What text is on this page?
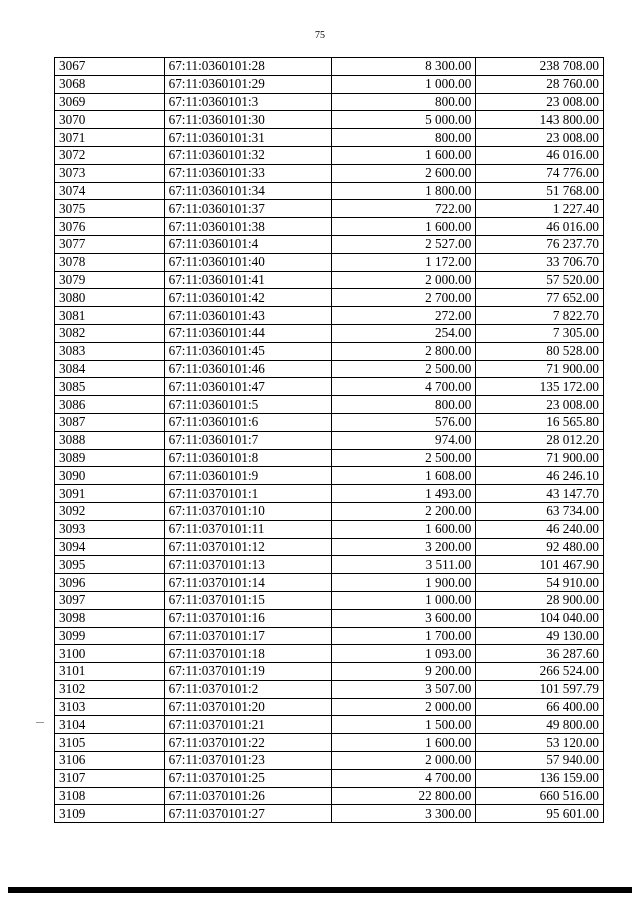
75
3067	67:11:0360101:28	8 300.00	238 708.00
3068	67:11:0360101:29	1 000.00	28 760.00
3069	67:11:0360101:3	800.00	23 008.00
3070	67:11:0360101:30	5 000.00	143 800.00
3071	67:11:0360101:31	800.00	23 008.00
3072	67:11:0360101:32	1 600.00	46 016.00
3073	67:11:0360101:33	2 600.00	74 776.00
3074	67:11:0360101:34	1 800.00	51 768.00
3075	67:11:0360101:37	722.00	1 227.40
3076	67:11:0360101:38	1 600.00	46 016.00
3077	67:11:0360101:4	2 527.00	76 237.70
3078	67:11:0360101:40	1 172.00	33 706.70
3079	67:11:0360101:41	2 000.00	57 520.00
3080	67:11:0360101:42	2 700.00	77 652.00
3081	67:11:0360101:43	272.00	7 822.70
3082	67:11:0360101:44	254.00	7 305.00
3083	67:11:0360101:45	2 800.00	80 528.00
3084	67:11:0360101:46	2 500.00	71 900.00
3085	67:11:0360101:47	4 700.00	135 172.00
3086	67:11:0360101:5	800.00	23 008.00
3087	67:11:0360101:6	576.00	16 565.80
3088	67:11:0360101:7	974.00	28 012.20
3089	67:11:0360101:8	2 500.00	71 900.00
3090	67:11:0360101:9	1 608.00	46 246.10
3091	67:11:0370101:1	1 493.00	43 147.70
3092	67:11:0370101:10	2 200.00	63 734.00
3093	67:11:0370101:11	1 600.00	46 240.00
3094	67:11:0370101:12	3 200.00	92 480.00
3095	67:11:0370101:13	3 511.00	101 467.90
3096	67:11:0370101:14	1 900.00	54 910.00
3097	67:11:0370101:15	1 000.00	28 900.00
3098	67:11:0370101:16	3 600.00	104 040.00
3099	67:11:0370101:17	1 700.00	49 130.00
3100	67:11:0370101:18	1 093.00	36 287.60
3101	67:11:0370101:19	9 200.00	266 524.00
3102	67:11:0370101:2	3 507.00	101 597.79
3103	67:11:0370101:20	2 000.00	66 400.00
3104	67:11:0370101:21	1 500.00	49 800.00
3105	67:11:0370101:22	1 600.00	53 120.00
3106	67:11:0370101:23	2 000.00	57 940.00
3107	67:11:0370101:25	4 700.00	136 159.00
3108	67:11:0370101:26	22 800.00	660 516.00
3109	67:11:0370101:27	3 300.00	95 601.00
